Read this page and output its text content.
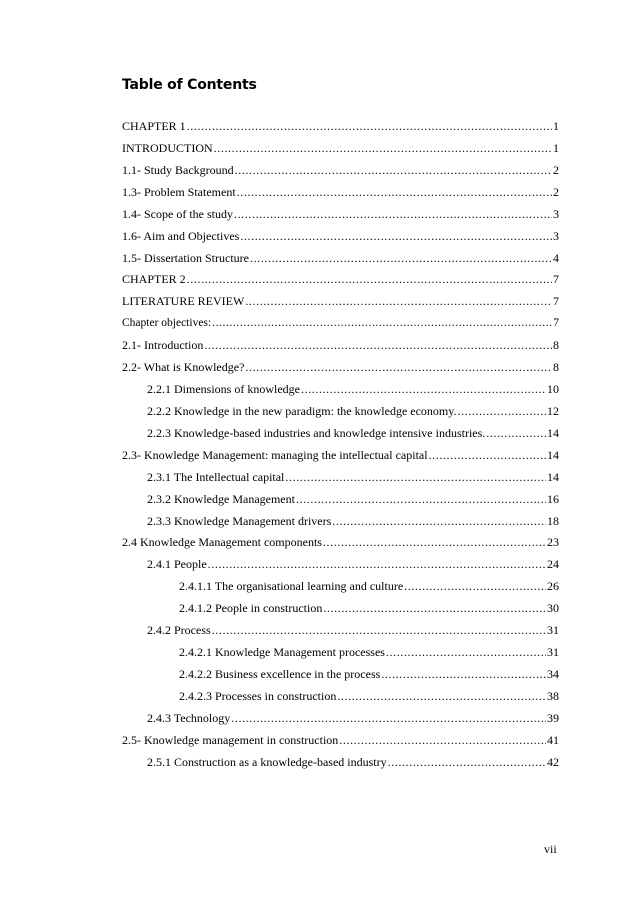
Table of Contents
CHAPTER 1 .....	1
INTRODUCTION .....	1
1.1- Study Background .....	2
1.3- Problem Statement .....	2
1.4- Scope of the study .....	3
1.6- Aim and Objectives .....	3
1.5- Dissertation Structure .....	4
CHAPTER 2 .....	7
LITERATURE REVIEW .....	7
Chapter objectives: .....	7
2.1- Introduction .....	8
2.2- What is Knowledge? .....	8
2.2.1 Dimensions of knowledge .....	10
2.2.2 Knowledge in the new paradigm: the knowledge economy. .....	12
2.2.3 Knowledge-based industries and knowledge intensive industries. .....	14
2.3- Knowledge Management: managing the intellectual capital .....	14
2.3.1 The Intellectual capital .....	14
2.3.2 Knowledge Management .....	16
2.3.3 Knowledge Management drivers .....	18
2.4 Knowledge Management components .....	23
2.4.1 People .....	24
2.4.1.1 The organisational learning and culture .....	26
2.4.1.2 People in construction .....	30
2.4.2 Process .....	31
2.4.2.1 Knowledge Management processes .....	31
2.4.2.2 Business excellence in the process .....	34
2.4.2.3 Processes in construction .....	38
2.4.3 Technology .....	39
2.5- Knowledge management in construction .....	41
2.5.1 Construction as a knowledge-based industry .....	42
vii
